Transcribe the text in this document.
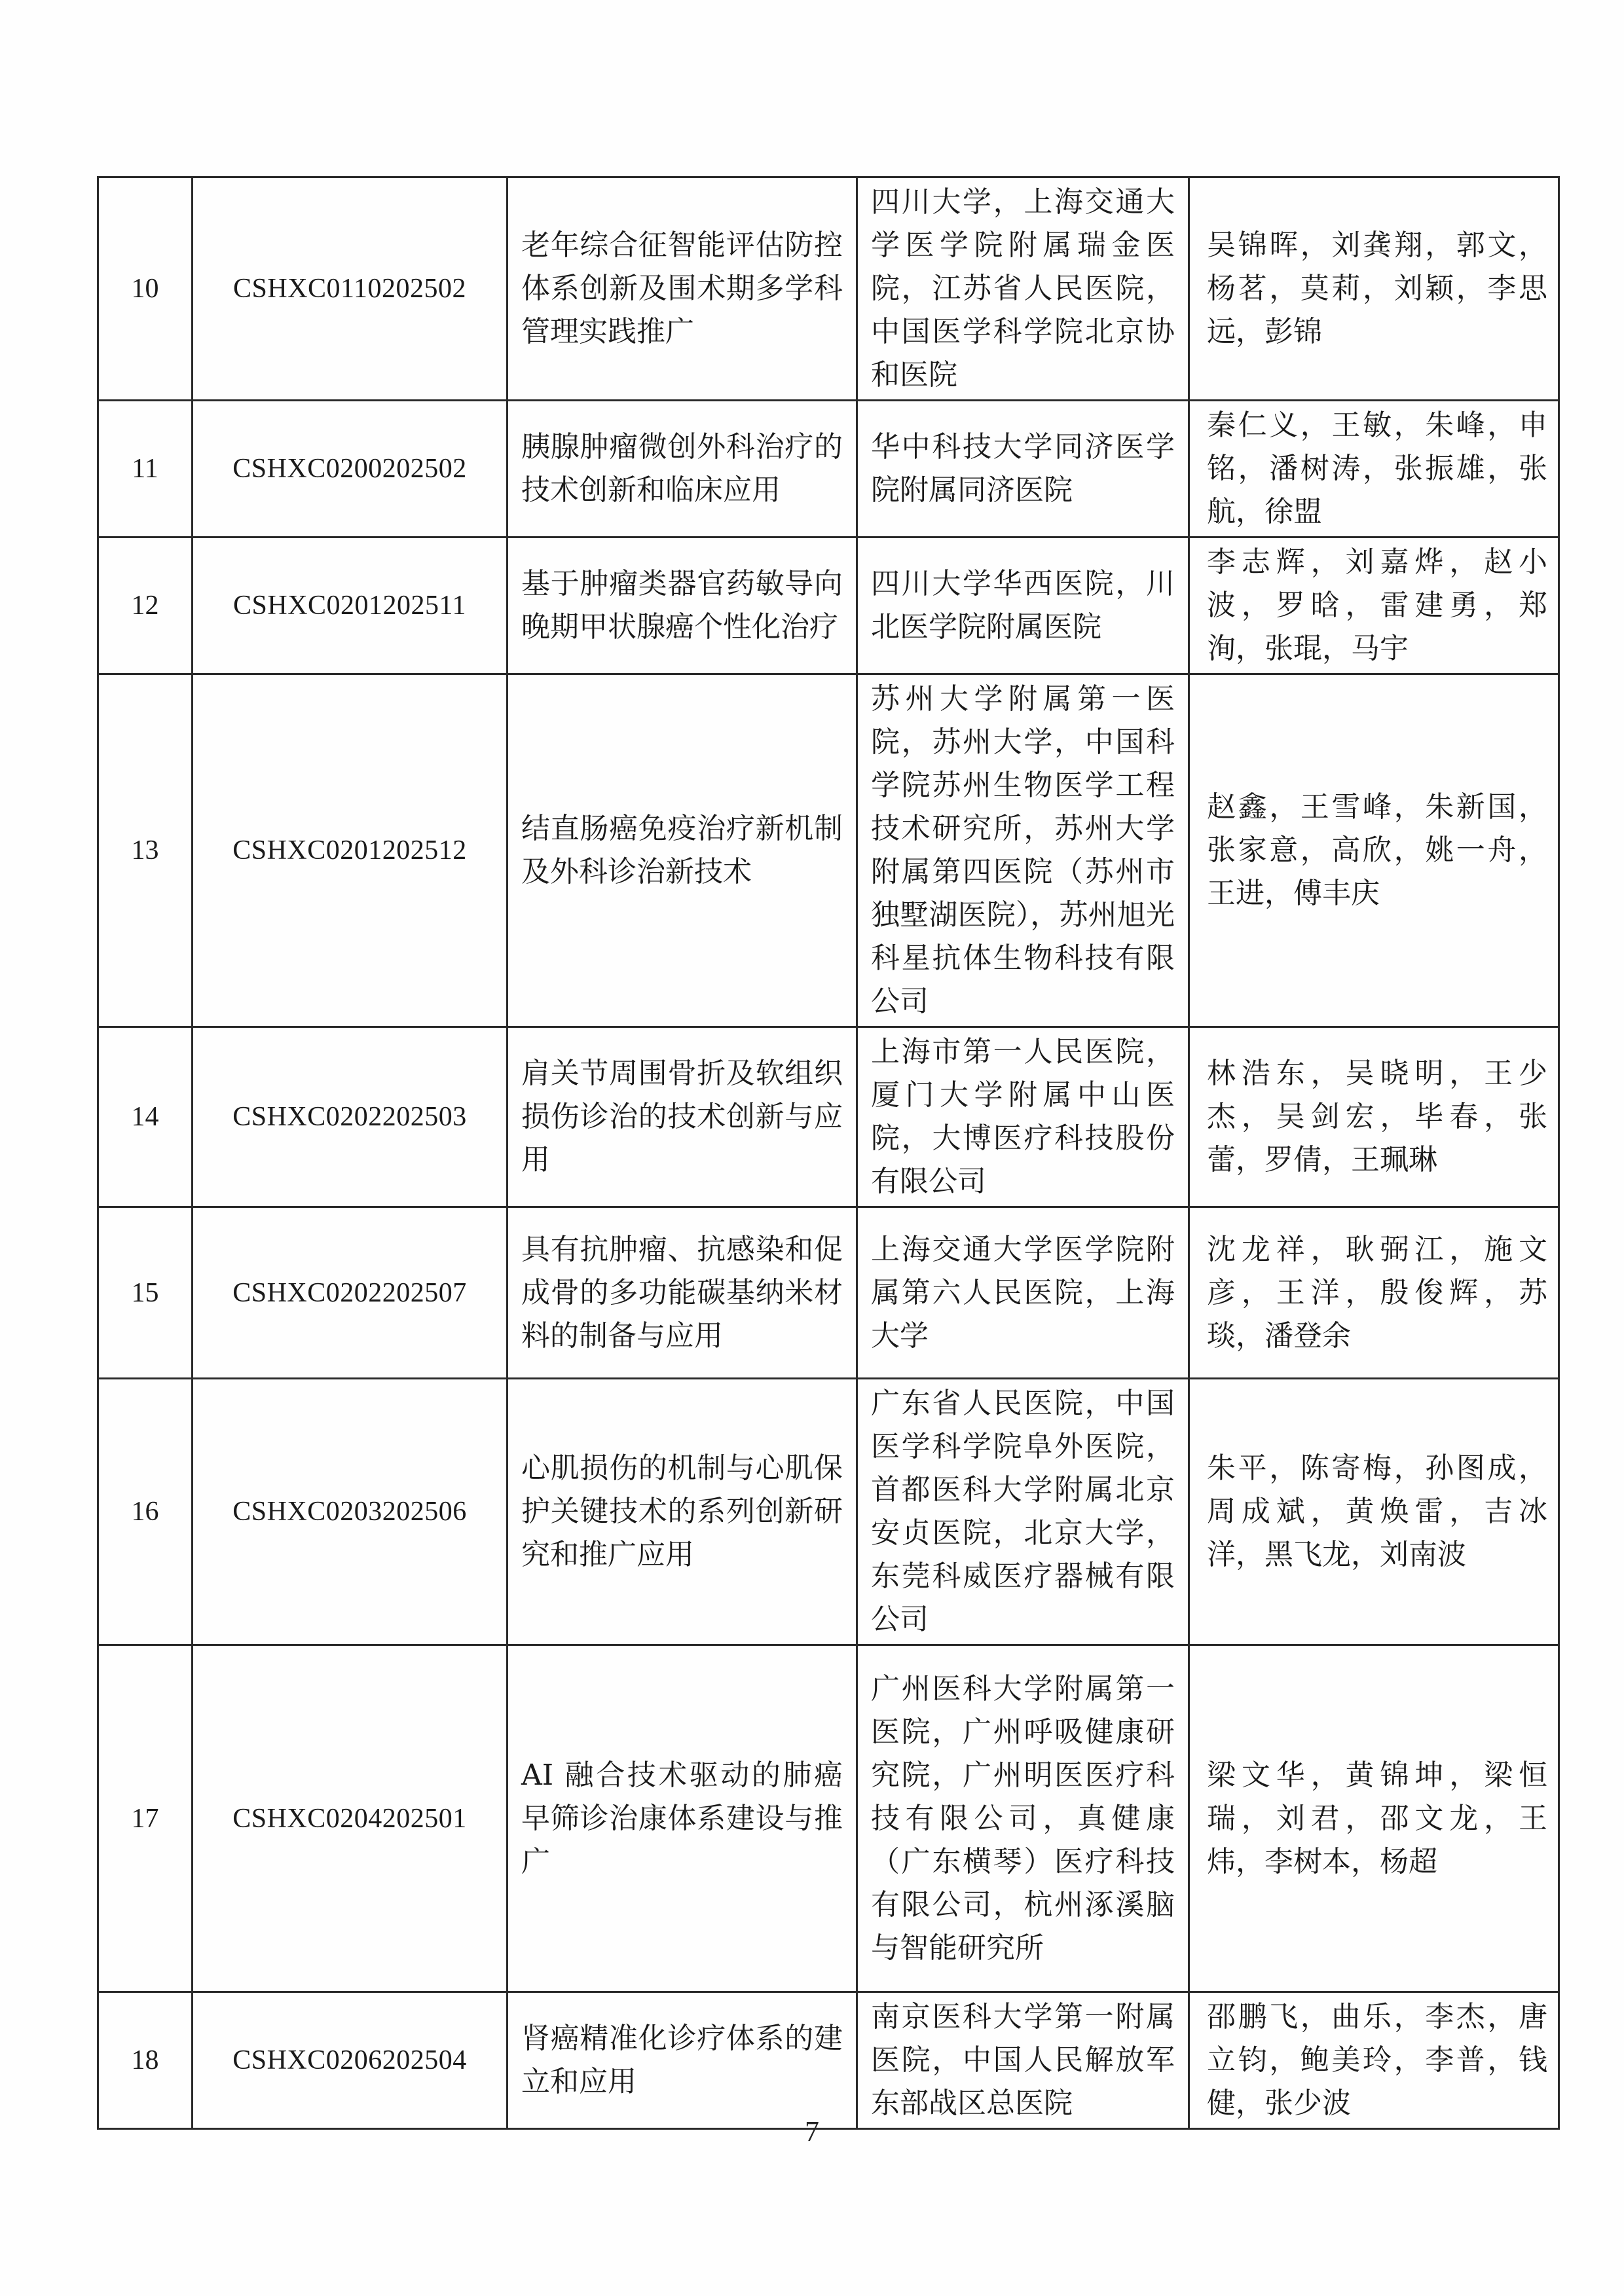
10	CSHXC0110202502	老年综合征智能评估防控体系创新及围术期多学科管理实践推广	四川大学，上海交通大学医学院附属瑞金医院，江苏省人民医院，中国医学科学院北京协和医院	吴锦晖，刘龚翔，郭文，杨茗，莫莉，刘颖，李思远，彭锦

11	CSHXC0200202502	胰腺肿瘤微创外科治疗的技术创新和临床应用	华中科技大学同济医学院附属同济医院	秦仁义，王敏，朱峰，申铭，潘树涛，张振雄，张航，徐盟

12	CSHXC0201202511	基于肿瘤类器官药敏导向晚期甲状腺癌个性化治疗	四川大学华西医院，川北医学院附属医院	李志辉，刘嘉烨，赵小波，罗晗，雷建勇，郑洵，张琨，马宇

13	CSHXC0201202512	结直肠癌免疫治疗新机制及外科诊治新技术	苏州大学附属第一医院，苏州大学，中国科学院苏州生物医学工程技术研究所，苏州大学附属第四医院（苏州市独墅湖医院），苏州旭光科星抗体生物科技有限公司	赵鑫，王雪峰，朱新国，张家意，高欣，姚一舟，王进，傅丰庆

14	CSHXC0202202503	肩关节周围骨折及软组织损伤诊治的技术创新与应用	上海市第一人民医院，厦门大学附属中山医院，大博医疗科技股份有限公司	林浩东，吴晓明，王少杰，吴剑宏，毕春，张蕾，罗倩，王珮琳

15	CSHXC0202202507	具有抗肿瘤、抗感染和促成骨的多功能碳基纳米材料的制备与应用	上海交通大学医学院附属第六人民医院，上海大学	沈龙祥，耿弼江，施文彦，王洋，殷俊辉，苏琰，潘登余

16	CSHXC0203202506	心肌损伤的机制与心肌保护关键技术的系列创新研究和推广应用	广东省人民医院，中国医学科学院阜外医院，首都医科大学附属北京安贞医院，北京大学，东莞科威医疗器械有限公司	朱平，陈寄梅，孙图成，周成斌，黄焕雷，吉冰洋，黑飞龙，刘南波

17	CSHXC0204202501	AI 融合技术驱动的肺癌早筛诊治康体系建设与推广	广州医科大学附属第一医院，广州呼吸健康研究院，广州明医医疗科技有限公司，真健康（广东横琴）医疗科技有限公司，杭州涿溪脑与智能研究所	梁文华，黄锦坤，梁恒瑞，刘君，邵文龙，王炜，李树本，杨超

18	CSHXC0206202504	肾癌精准化诊疗体系的建立和应用	南京医科大学第一附属医院，中国人民解放军东部战区总医院	邵鹏飞，曲乐，李杰，唐立钧，鲍美玲，李普，钱健，张少波
7
